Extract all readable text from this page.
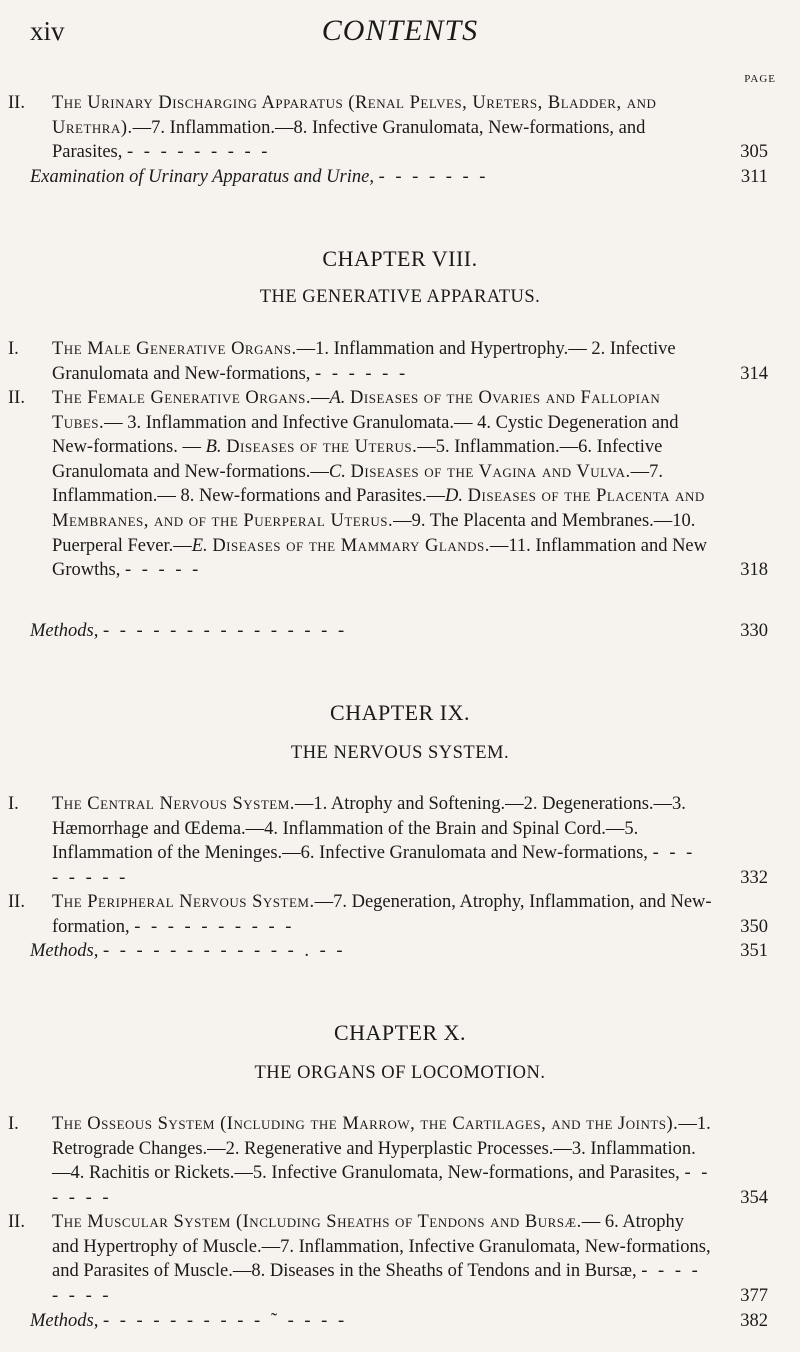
xiv	CONTENTS
PAGE
II. The Urinary Discharging Apparatus (Renal Pelves, Ureters, Bladder, and Urethra).—7. Inflammation.—8. Infective Granulomata, New-formations, and Parasites, - - - - - - - - -	305
Examination of Urinary Apparatus and Urine, - - - - - - -	311
CHAPTER VIII.
THE GENERATIVE APPARATUS.
I. The Male Generative Organs.—1. Inflammation and Hypertrophy.— 2. Infective Granulomata and New-formations, - - - - - -	314
II. The Female Generative Organs.—A. Diseases of the Ovaries and Fallopian Tubes.— 3. Inflammation and Infective Granulomata.— 4. Cystic Degeneration and New-formations. — B. Diseases of the Uterus.—5. Inflammation.—6. Infective Granulomata and New-formations.—C. Diseases of the Vagina and Vulva.—7. Inflammation.— 8. New-formations and Parasites.—D. Diseases of the Placenta and Membranes, and of the Puerperal Uterus.—9. The Placenta and Membranes.—10. Puerperal Fever.—E. Diseases of the Mammary Glands.—11. Inflammation and New Growths, - - - - -	318
Methods, - - - - - - - - - - - - - - -	330
CHAPTER IX.
THE NERVOUS SYSTEM.
I. The Central Nervous System.—1. Atrophy and Softening.—2. Degenerations.—3. Hæmorrhage and Œdema.—4. Inflammation of the Brain and Spinal Cord.—5. Inflammation of the Meninges.—6. Infective Granulomata and New-formations, - - - - - - - -	332
II. The Peripheral Nervous System.—7. Degeneration, Atrophy, Inflammation, and New-formation, - - - - - - - - - -	350
Methods, - - - - - - - - - - - - . - -	351
CHAPTER X.
THE ORGANS OF LOCOMOTION.
I. The Osseous System (Including the Marrow, the Cartilages, and the Joints).—1. Retrograde Changes.—2. Regenerative and Hyperplastic Processes.—3. Inflammation.—4. Rachitis or Rickets.—5. Infective Granulomata, New-formations, and Parasites, - - - - - -	354
II. The Muscular System (Including Sheaths of Tendons and Bursæ.— 6. Atrophy and Hypertrophy of Muscle.—7. Inflammation, Infective Granulomata, New-formations, and Parasites of Muscle.—8. Diseases in the Sheaths of Tendons and in Bursæ, - - - - - - - -	377
Methods, - - - - - - - - - - ˜ - - - -	382
